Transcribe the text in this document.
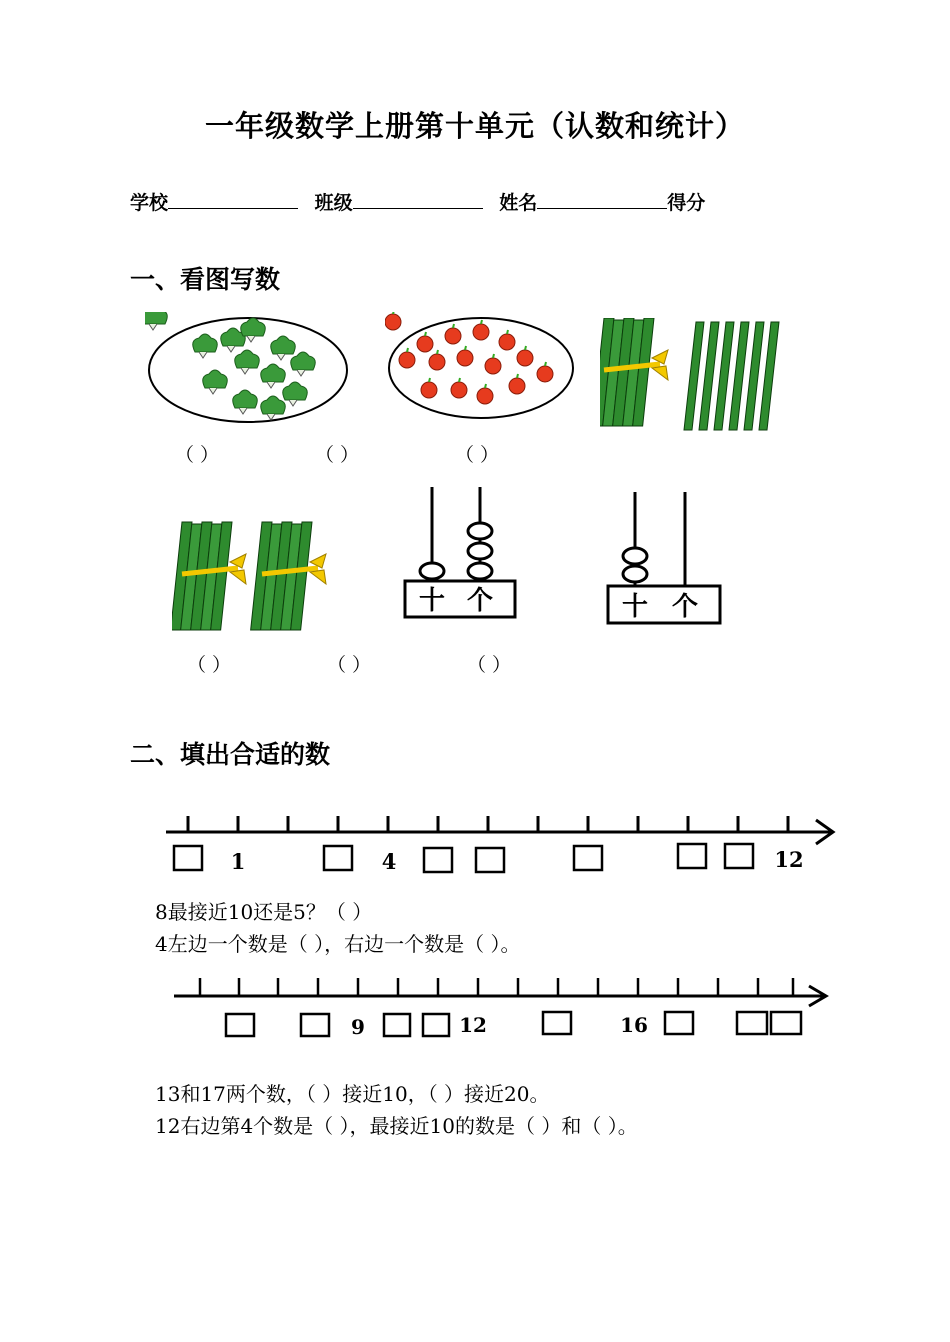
一年级数学上册第十单元（认数和统计）
学校	班级	姓名	得分
一、看图写数
（ ）	（ ）	（ ）
十 个	十 个
（ ）	（ ）	（ ）
二、填出合适的数
1	4	12
8最接近10还是5？（ ）
4左边一个数是（ ），右边一个数是（ ）。
9	12	16
13和17两个数，（ ）接近10，（ ）接近20。
12右边第4个数是（ ），最接近10的数是（ ）和（ ）。
